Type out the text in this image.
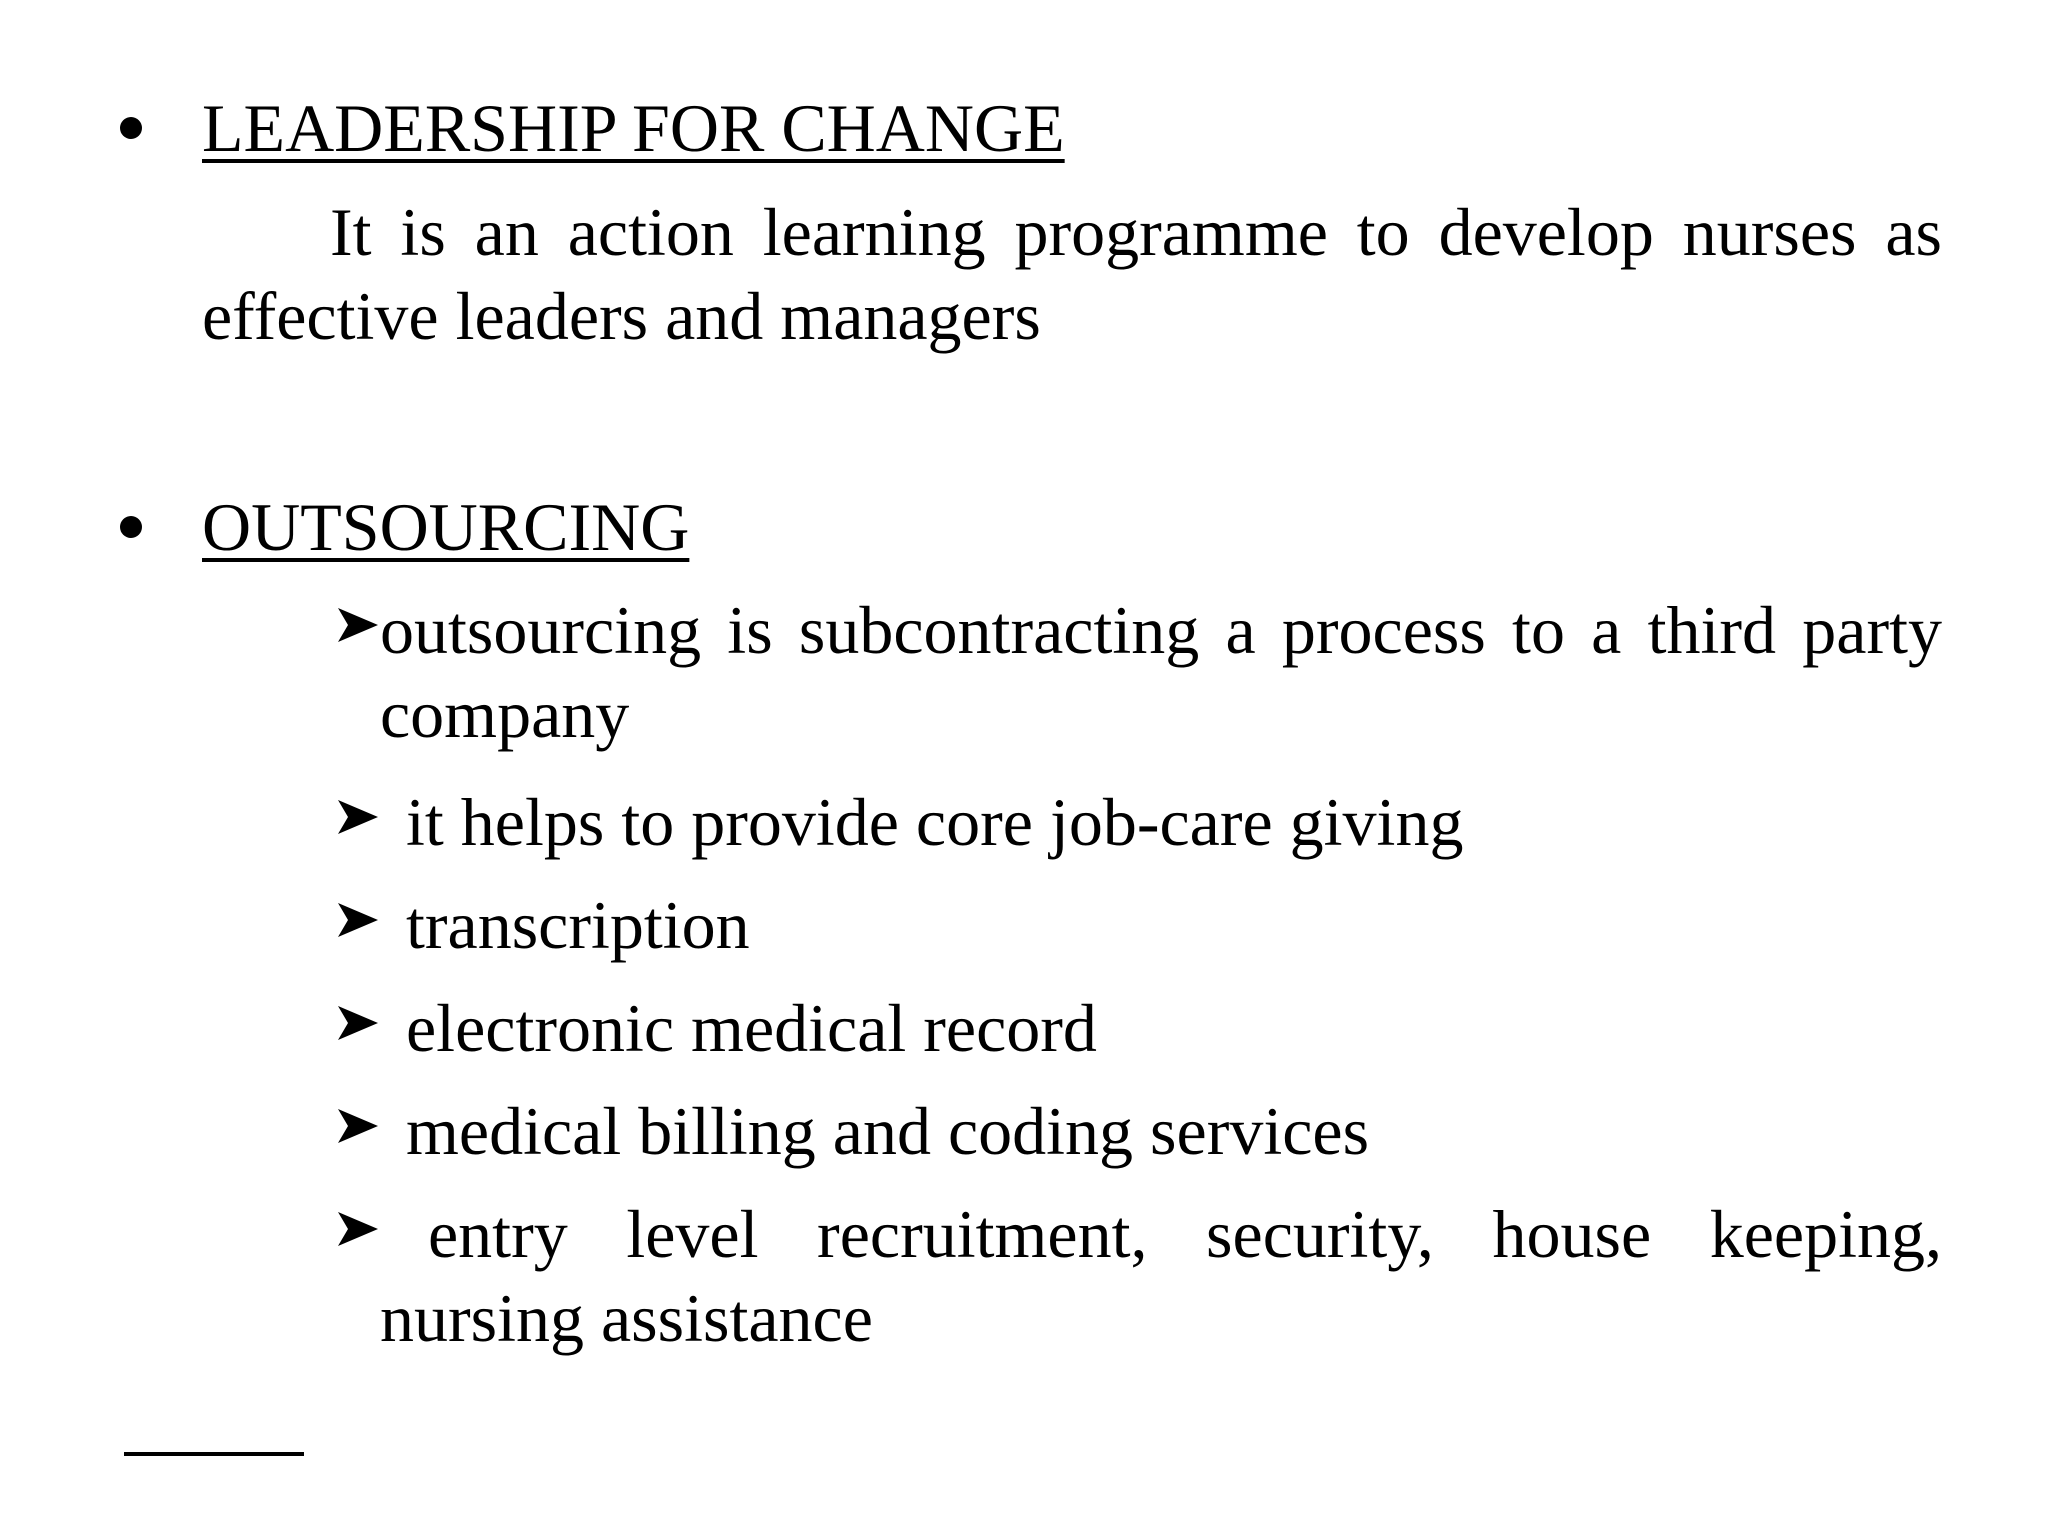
LEADERSHIP FOR CHANGE
It is an action learning programme to develop nurses as effective leaders and managers
OUTSOURCING
outsourcing is subcontracting a process to a third party company
it helps to provide core job-care giving
transcription
electronic medical record
medical billing and coding services
entry level recruitment, security, house keeping, nursing assistance
